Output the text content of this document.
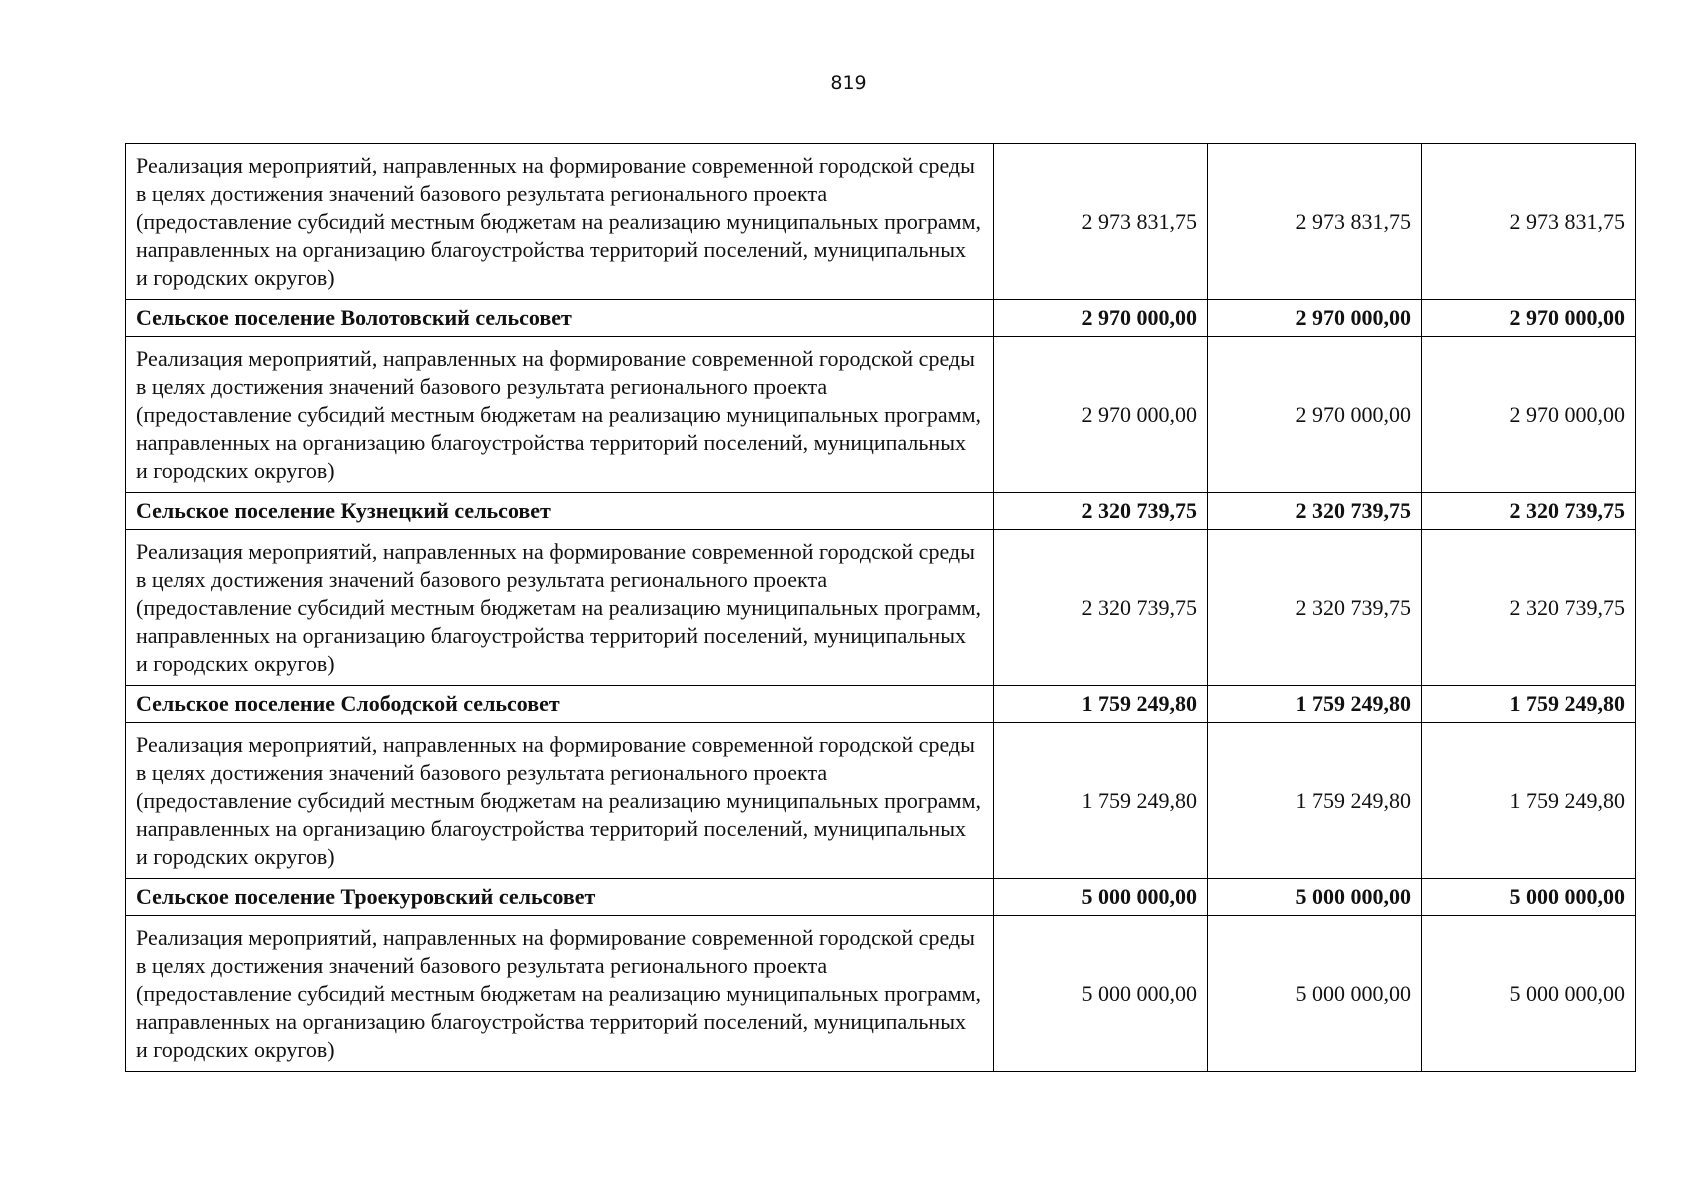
819
Реализация мероприятий, направленных на формирование современной городской среды в целях достижения значений базового результата регионального проекта (предоставление субсидий местным бюджетам на реализацию муниципальных программ, направленных на организацию благоустройства территорий поселений, муниципальных и городских округов)	2 973 831,75	2 973 831,75	2 973 831,75
Сельское поселение Волотовский сельсовет	2 970 000,00	2 970 000,00	2 970 000,00
Реализация мероприятий, направленных на формирование современной городской среды в целях достижения значений базового результата регионального проекта (предоставление субсидий местным бюджетам на реализацию муниципальных программ, направленных на организацию благоустройства территорий поселений, муниципальных и городских округов)	2 970 000,00	2 970 000,00	2 970 000,00
Сельское поселение Кузнецкий сельсовет	2 320 739,75	2 320 739,75	2 320 739,75
Реализация мероприятий, направленных на формирование современной городской среды в целях достижения значений базового результата регионального проекта (предоставление субсидий местным бюджетам на реализацию муниципальных программ, направленных на организацию благоустройства территорий поселений, муниципальных и городских округов)	2 320 739,75	2 320 739,75	2 320 739,75
Сельское поселение Слободской сельсовет	1 759 249,80	1 759 249,80	1 759 249,80
Реализация мероприятий, направленных на формирование современной городской среды в целях достижения значений базового результата регионального проекта (предоставление субсидий местным бюджетам на реализацию муниципальных программ, направленных на организацию благоустройства территорий поселений, муниципальных и городских округов)	1 759 249,80	1 759 249,80	1 759 249,80
Сельское поселение Троекуровский сельсовет	5 000 000,00	5 000 000,00	5 000 000,00
Реализация мероприятий, направленных на формирование современной городской среды в целях достижения значений базового результата регионального проекта (предоставление субсидий местным бюджетам на реализацию муниципальных программ, направленных на организацию благоустройства территорий поселений, муниципальных и городских округов)	5 000 000,00	5 000 000,00	5 000 000,00
